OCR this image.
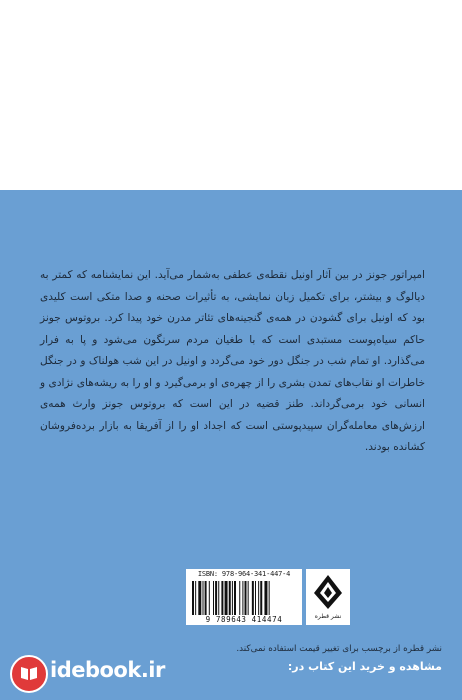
امپراتور جونز در بین آثار اونیل نقطه‌ی عطفی به‌شمار می‌آید. این نمایشنامه که کمتر به دیالوگ و بیشتر، برای تکمیل زبان نمایشی، به تأثیرات صحنه و صدا متکی است کلیدی بود که اونیل برای گشودن در همه‌ی گنجینه‌های تئاتر مدرن خود پیدا کرد. بروتوس جونز حاکم سیاه‌پوست مستبدی است که با طغیان مردم سرنگون می‌شود و پا به فرار می‌گذارد. او تمام شب در جنگل دور خود می‌گردد و اونیل در این شب هولناک و در جنگل خاطرات او نقاب‌های تمدن بشری را از چهره‌ی او برمی‌گیرد و او را به ریشه‌های نژادی و انسانی خود برمی‌گرداند. طنز قضیه در این است که بروتوس جونز وارث همه‌ی ارزش‌های معامله‌گران سپیدپوستی است که اجداد او را از آفریقا به بازار برده‌فروشان کشانده بودند.

ISBN: 978-964-341-447-4
9 789643 414474	نشر قطره
نشر قطره از برچسب برای تغییر قیمت استفاده نمی‌کند.
مشاهده و خرید این کتاب در:
idebook.ir
